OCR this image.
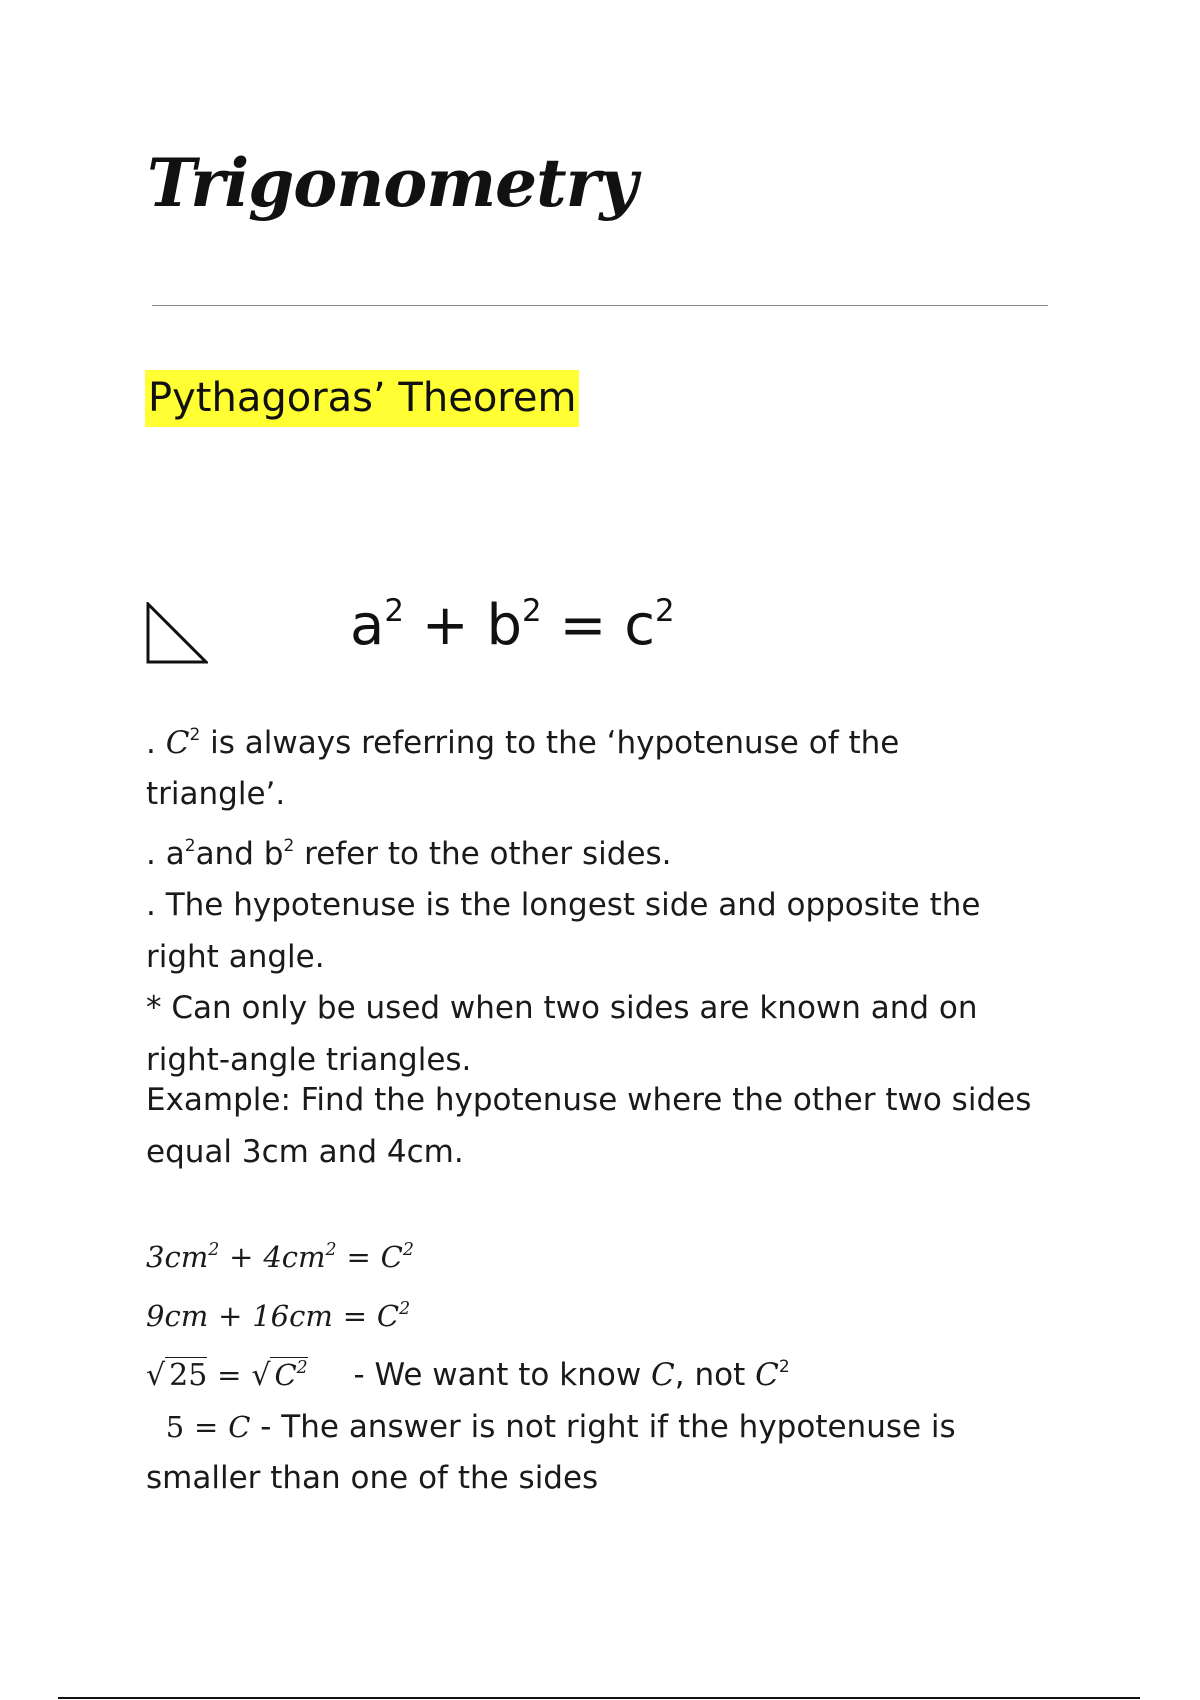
Trigonometry
Pythagoras’ Theorem
$a^2 + b^2 = c^2$
. $C^2$ is always referring to the ‘hypotenuse of the triangle’.
. $a^2and$ $b^2$ refer to the other sides.
. The hypotenuse is the longest side and opposite the right angle.
* Can only be used when two sides are known and on right-angle triangles.

Example: Find the hypotenuse where the other two sides equal 3cm and 4cm.

$3cm^2 + 4cm^2 = C^2$
$9cm + 16cm = C^2$
√ 25 = √ $C^2$ - We want to know C, not $C^2$
5 = C - The answer is not right if the hypotenuse is smaller than one of the sides
